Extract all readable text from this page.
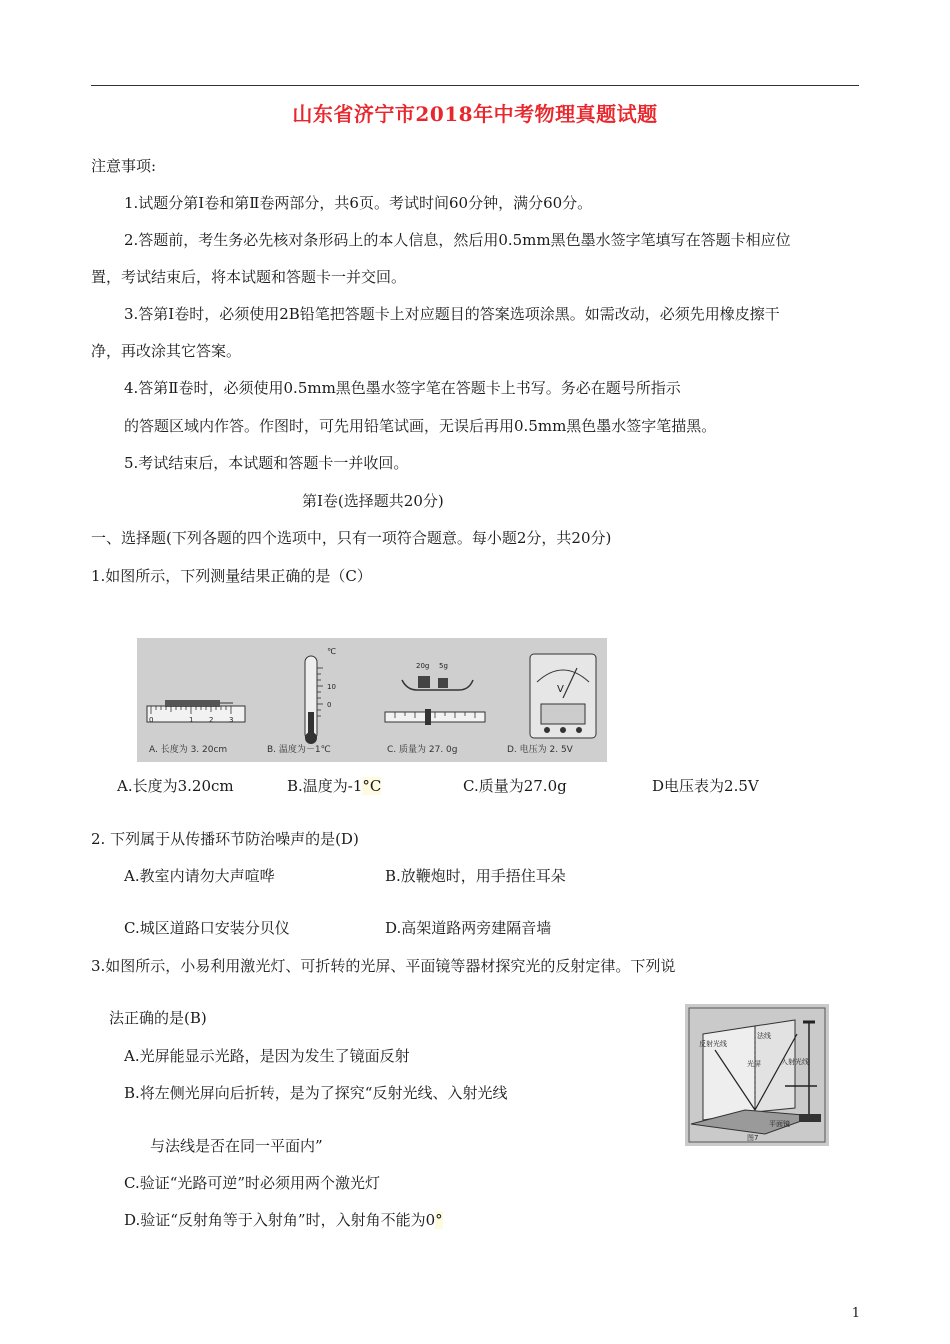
山东省济宁市2018年中考物理真题试题
注意事项:
1.试题分第Ⅰ卷和第Ⅱ卷两部分，共6页。考试时间60分钟，满分60分。
2.答题前，考生务必先核对条形码上的本人信息，然后用0.5mm黑色墨水签字笔填写在答题卡相应位
置，考试结束后，将本试题和答题卡一并交回。
3.答第Ⅰ卷时，必须使用2B铅笔把答题卡上对应题目的答案选项涂黑。如需改动，必须先用橡皮擦干
净，再改涂其它答案。
4.答第Ⅱ卷时，必须使用0.5mm黑色墨水签字笔在答题卡上书写。务必在题号所指示
的答题区域内作答。作图时，可先用铅笔试画，无误后再用0.5mm黑色墨水签字笔描黑。
5.考试结束后，本试题和答题卡一并收回。
第Ⅰ卷(选择题共20分)
一、选择题(下列各题的四个选项中，只有一项符合题意。每小题2分，共20分)
1.如图所示，下列测量结果正确的是（C）
0	1 2 3
℃
10
0
20g 5g
V
A. 长度为 3. 20cm	B. 温度为－1℃	C. 质量为 27. 0g	D. 电压为 2. 5V
A.长度为3.20cm	B.温度为-1°C	C.质量为27.0g	D电压表为2.5V
2. 下列属于从传播环节防治噪声的是(D)
A.教室内请勿大声喧哗	B.放鞭炮时，用手捂住耳朵
C.城区道路口安装分贝仪	D.高架道路两旁建隔音墙
3.如图所示，小易利用激光灯、可折转的光屏、平面镜等器材探究光的反射定律。下列说
法正确的是(B)
A.光屏能显示光路，是因为发生了镜面反射
B.将左侧光屏向后折转，是为了探究“反射光线、入射光线
与法线是否在同一平面内”
C.验证“光路可逆”时必须用两个激光灯
D.验证“反射角等于入射角”时，入射角不能为0°
法线
反射光线
入射光线
光屏
平面镜
图7
1
